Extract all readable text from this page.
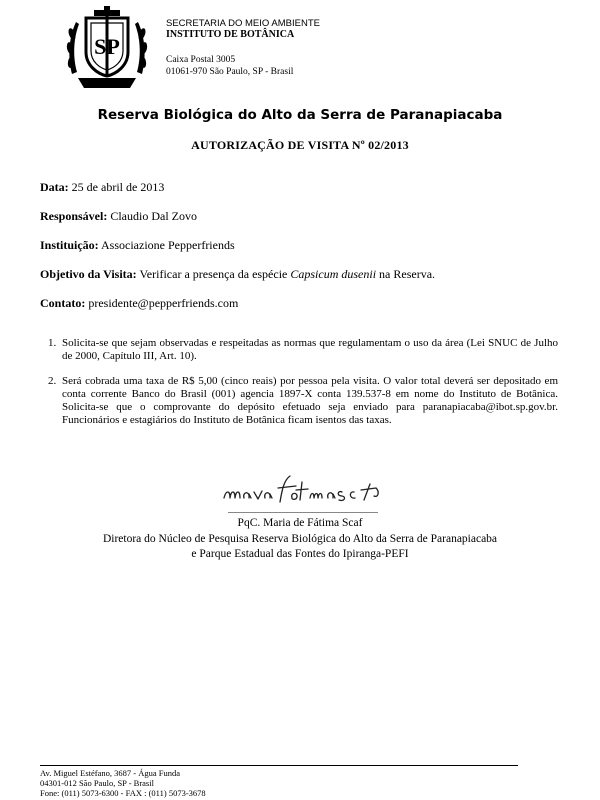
SP
SECRETARIA DO MEIO AMBIENTE
INSTITUTO DE BOTÂNICA
Caixa Postal 3005
01061-970 São Paulo, SP - Brasil
Reserva Biológica do Alto da Serra de Paranapiacaba
AUTORIZAÇÃO DE VISITA Nº 02/2013
Data: 25 de abril de 2013
Responsável: Claudio Dal Zovo
Instituição: Associazione Pepperfriends
Objetivo da Visita: Verificar a presença da espécie Capsicum dusenii na Reserva.
Contato: presidente@pepperfriends.com
1. Solicita-se que sejam observadas e respeitadas as normas que regulamentam o uso da área (Lei SNUC de Julho de 2000, Capítulo III, Art. 10).
2. Será cobrada uma taxa de R$ 5,00 (cinco reais) por pessoa pela visita. O valor total deverá ser depositado em conta corrente Banco do Brasil (001) agencia 1897-X conta 139.537-8 em nome do Instituto de Botânica. Solicita-se que o comprovante do depósito efetuado seja enviado para paranapiacaba@ibot.sp.gov.br. Funcionários e estagiários do Instituto de Botânica ficam isentos das taxas.
PqC. Maria de Fátima Scaf
Diretora do Núcleo de Pesquisa Reserva Biológica do Alto da Serra de Paranapiacaba
e Parque Estadual das Fontes do Ipiranga-PEFI
Av. Miguel Estéfano, 3687 - Água Funda
04301-012 São Paulo, SP - Brasil
Fone: (011) 5073-6300 - FAX : (011) 5073-3678
